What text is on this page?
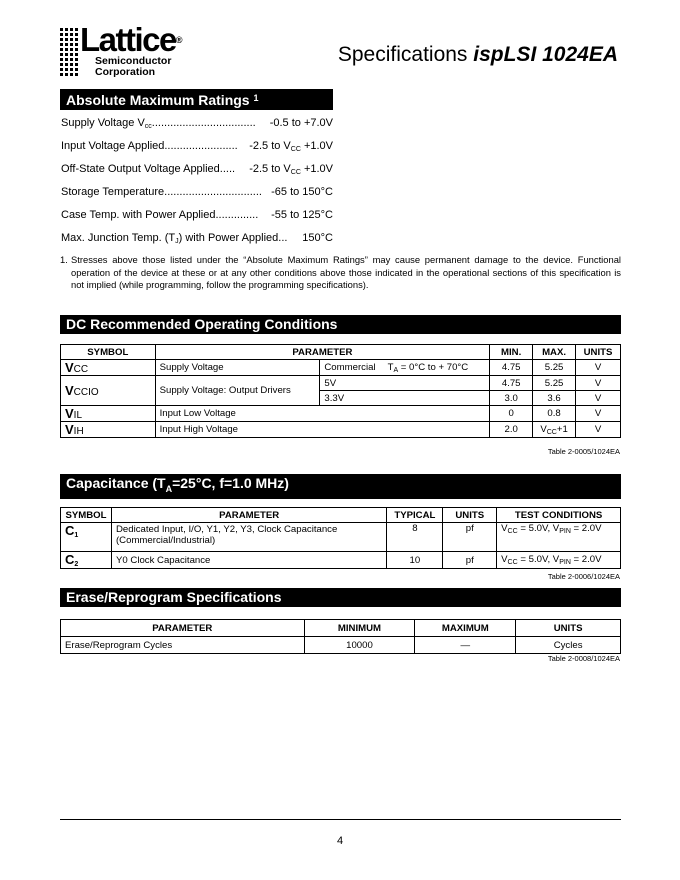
Lattice®
Semiconductor
Corporation
Specifications ispLSI 1024EA
Absolute Maximum Ratings $^1$
Supply Voltage $V_{cc}$ ..................................	-0.5 to +7.0V
Input Voltage Applied ........................	-2.5 to $V_{CC} +1.0V$
Off-State Output Voltage Applied .....	-2.5 to $V_{CC} +1.0V$
Storage Temperature ................................ -65 to 150°C
Case Temp. with Power Applied ..............	-55 to 125°C
Max. Junction Temp. $(T_J)$ with Power Applied ...	150°C
1. Stresses above those listed under the “Absolute Maximum Ratings” may cause permanent damage to the device. Functional operation of the device at these or at any other conditions above those indicated in the operational sections of this specification is not implied (while programming, follow the programming specifications).
DC Recommended Operating Conditions
SYMBOL	PARAMETER		MIN.	MAX.	UNITS
VCC	Supply Voltage	Commercial $T_A = 0^\circ C$ to + 70°C	4.75	5.25	V
VCCIO	Supply Voltage: Output Drivers	5V	4.75	5.25	V
		3.3V	3.0	3.6	V
VIL	Input Low Voltage		0	0.8	V
VIH	Input High Voltage		2.0	$V_{CC}+1$	V
Table 2-0005/1024EA
Capacitance ($T_A=25^\circ C$, f=1.0 MHz)
SYMBOL	PARAMETER	TYPICAL	UNITS	TEST CONDITIONS
$C_1$	Dedicated Input, I/O, Y1, Y2, Y3, Clock Capacitance
(Commercial/Industrial)	8	pf	$V_{CC} = 5.0V$, $V_{PIN} = 2.0V$
$C_2$	Y0 Clock Capacitance	10	pf	$V_{CC} = 5.0V$, $V_{PIN} = 2.0V$
Table 2-0006/1024EA
Erase/Reprogram Specifications
PARAMETER	MINIMUM	MAXIMUM	UNITS
Erase/Reprogram Cycles	10000	—	Cycles
Table 2-0008/1024EA
4
